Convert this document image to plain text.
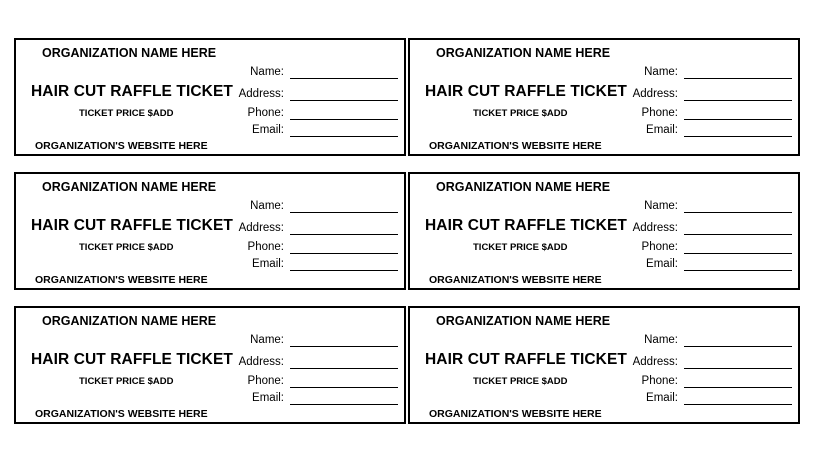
ORGANIZATION NAME HERE
HAIR CUT RAFFLE TICKET
TICKET PRICE $ADD
ORGANIZATION'S WEBSITE HERE
Name:
Address:
Phone:
Email:
ORGANIZATION NAME HERE
HAIR CUT RAFFLE TICKET
TICKET PRICE $ADD
ORGANIZATION'S WEBSITE HERE
Name:
Address:
Phone:
Email:
ORGANIZATION NAME HERE
HAIR CUT RAFFLE TICKET
TICKET PRICE $ADD
ORGANIZATION'S WEBSITE HERE
Name:
Address:
Phone:
Email:
ORGANIZATION NAME HERE
HAIR CUT RAFFLE TICKET
TICKET PRICE $ADD
ORGANIZATION'S WEBSITE HERE
Name:
Address:
Phone:
Email:
ORGANIZATION NAME HERE
HAIR CUT RAFFLE TICKET
TICKET PRICE $ADD
ORGANIZATION'S WEBSITE HERE
Name:
Address:
Phone:
Email:
ORGANIZATION NAME HERE
HAIR CUT RAFFLE TICKET
TICKET PRICE $ADD
ORGANIZATION'S WEBSITE HERE
Name:
Address:
Phone:
Email:
